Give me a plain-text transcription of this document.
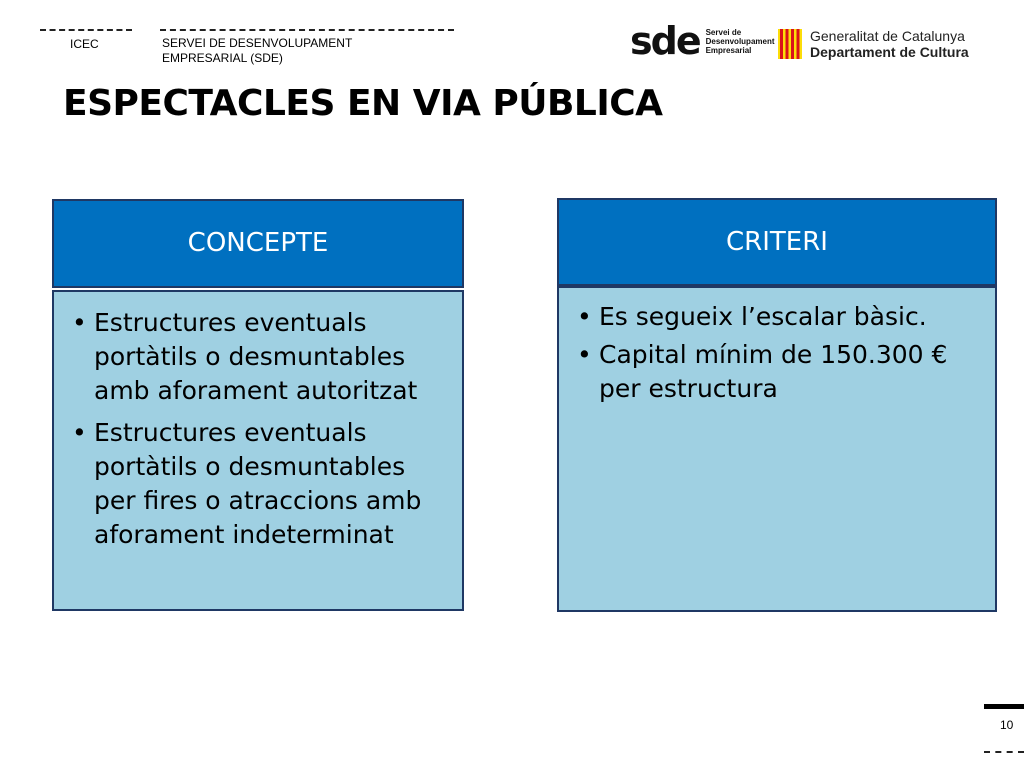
ICEC	SERVEI DE DESENVOLUPAMENT
EMPRESARIAL (SDE)	sde Servei de
Desenvolupament
Empresarial
Generalitat de Catalunya
Departament de Cultura
ESPECTACLES EN VIA PÚBLICA
CONCEPTE
• Estructures eventuals portàtils o desmuntables amb aforament autoritzat
• Estructures eventuals portàtils o desmuntables per fires o atraccions amb aforament indeterminat
CRITERI
• Es segueix l’escalar bàsic.
• Capital mínim de 150.300 € per estructura
10
